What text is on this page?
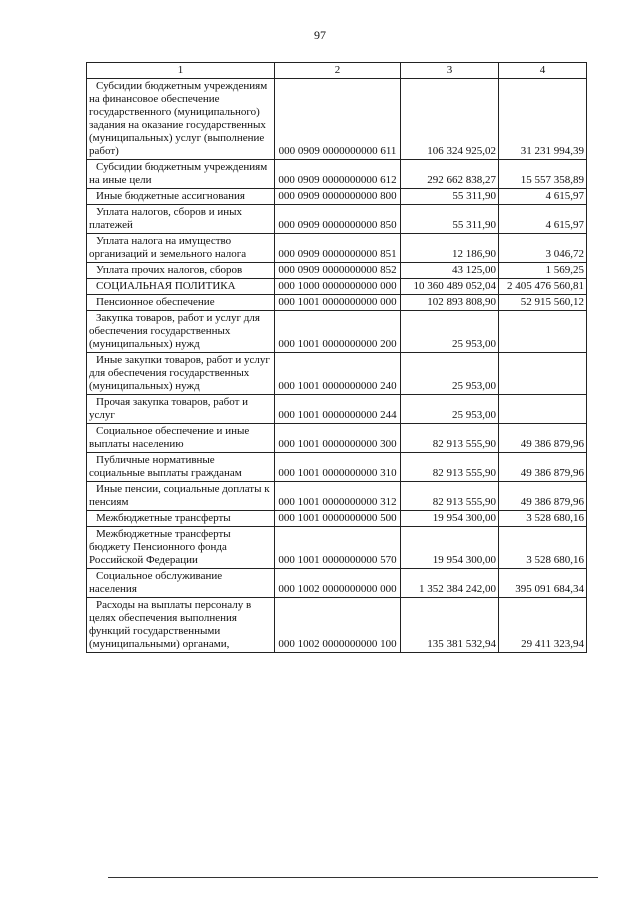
97
1	2	3	4
Субсидии бюджетным учреждениям на финансовое обеспечение государственного (муниципального) задания на оказание государственных (муниципальных) услуг (выполнение работ)	000 0909 0000000000 611	106 324 925,02	31 231 994,39
Субсидии бюджетным учреждениям на иные цели	000 0909 0000000000 612	292 662 838,27	15 557 358,89
Иные бюджетные ассигнования	000 0909 0000000000 800	55 311,90	4 615,97
Уплата налогов, сборов и иных платежей	000 0909 0000000000 850	55 311,90	4 615,97
Уплата налога на имущество организаций и земельного налога	000 0909 0000000000 851	12 186,90	3 046,72
Уплата прочих налогов, сборов	000 0909 0000000000 852	43 125,00	1 569,25
СОЦИАЛЬНАЯ ПОЛИТИКА	000 1000 0000000000 000	10 360 489 052,04	2 405 476 560,81
Пенсионное обеспечение	000 1001 0000000000 000	102 893 808,90	52 915 560,12
Закупка товаров, работ и услуг для обеспечения государственных (муниципальных) нужд	000 1001 0000000000 200	25 953,00	
Иные закупки товаров, работ и услуг для обеспечения государственных (муниципальных) нужд	000 1001 0000000000 240	25 953,00	
Прочая закупка товаров, работ и услуг	000 1001 0000000000 244	25 953,00	
Социальное обеспечение и иные выплаты населению	000 1001 0000000000 300	82 913 555,90	49 386 879,96
Публичные нормативные социальные выплаты гражданам	000 1001 0000000000 310	82 913 555,90	49 386 879,96
Иные пенсии, социальные доплаты к пенсиям	000 1001 0000000000 312	82 913 555,90	49 386 879,96
Межбюджетные трансферты	000 1001 0000000000 500	19 954 300,00	3 528 680,16
Межбюджетные трансферты бюджету Пенсионного фонда Российской Федерации	000 1001 0000000000 570	19 954 300,00	3 528 680,16
Социальное обслуживание населения	000 1002 0000000000 000	1 352 384 242,00	395 091 684,34
Расходы на выплаты персоналу в целях обеспечения выполнения функций государственными (муниципальными) органами,	000 1002 0000000000 100	135 381 532,94	29 411 323,94
